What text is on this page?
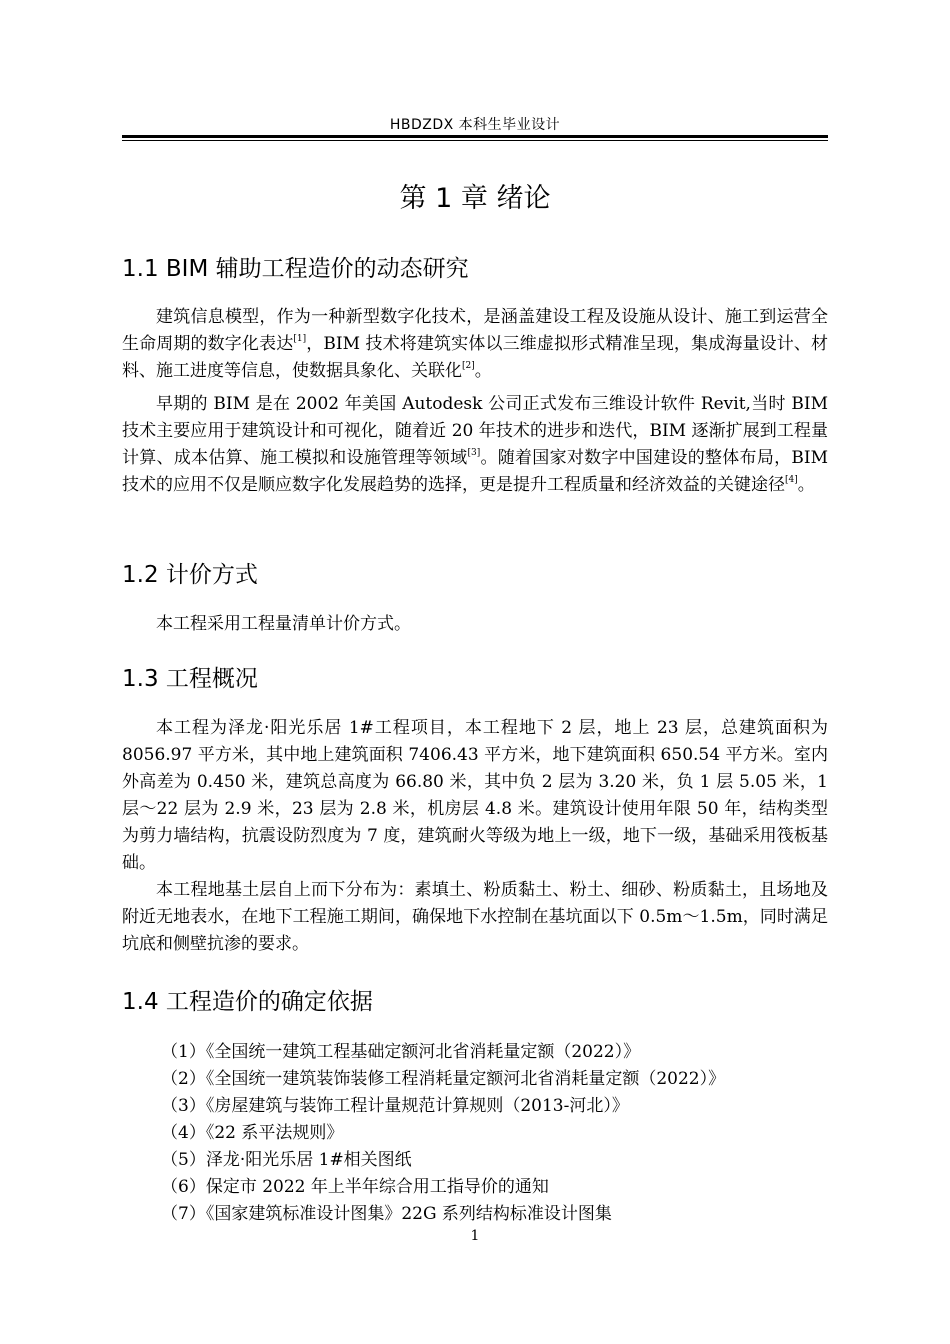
HBDZDX 本科生毕业设计
第 1 章 绪论
1.1 BIM 辅助工程造价的动态研究

建筑信息模型，作为一种新型数字化技术，是涵盖建设工程及设施从设计、施工到运营全生命周期的数字化表达[1]，BIM 技术将建筑实体以三维虚拟形式精准呈现，集成海量设计、材料、施工进度等信息，使数据具象化、关联化[2]。

早期的 BIM 是在 2002 年美国 Autodesk 公司正式发布三维设计软件 Revit,当时 BIM 技术主要应用于建筑设计和可视化，随着近 20 年技术的进步和迭代，BIM 逐渐扩展到工程量计算、成本估算、施工模拟和设施管理等领域[3]。随着国家对数字中国建设的整体布局，BIM 技术的应用不仅是顺应数字化发展趋势的选择，更是提升工程质量和经济效益的关键途径[4]。

1.2 计价方式

本工程采用工程量清单计价方式。

1.3 工程概况

本工程为泽龙·阳光乐居 1#工程项目，本工程地下 2 层，地上 23 层，总建筑面积为 8056.97 平方米，其中地上建筑面积 7406.43 平方米，地下建筑面积 650.54 平方米。室内外高差为 0.450 米，建筑总高度为 66.80 米，其中负 2 层为 3.20 米，负 1 层 5.05 米，1 层～22 层为 2.9 米，23 层为 2.8 米，机房层 4.8 米。建筑设计使用年限 50 年，结构类型为剪力墙结构，抗震设防烈度为 7 度，建筑耐火等级为地上一级，地下一级，基础采用筏板基础。

本工程地基土层自上而下分布为：素填土、粉质黏土、粉土、细砂、粉质黏土，且场地及附近无地表水，在地下工程施工期间，确保地下水控制在基坑面以下 0.5m～1.5m，同时满足坑底和侧壁抗渗的要求。

1.4 工程造价的确定依据
（1）《全国统一建筑工程基础定额河北省消耗量定额（2022）》
（2）《全国统一建筑装饰装修工程消耗量定额河北省消耗量定额（2022）》
（3）《房屋建筑与装饰工程计量规范计算规则（2013-河北）》
（4）《22 系平法规则》
（5）泽龙·阳光乐居 1#相关图纸
（6）保定市 2022 年上半年综合用工指导价的通知
（7）《国家建筑标准设计图集》22G 系列结构标准设计图集
1
